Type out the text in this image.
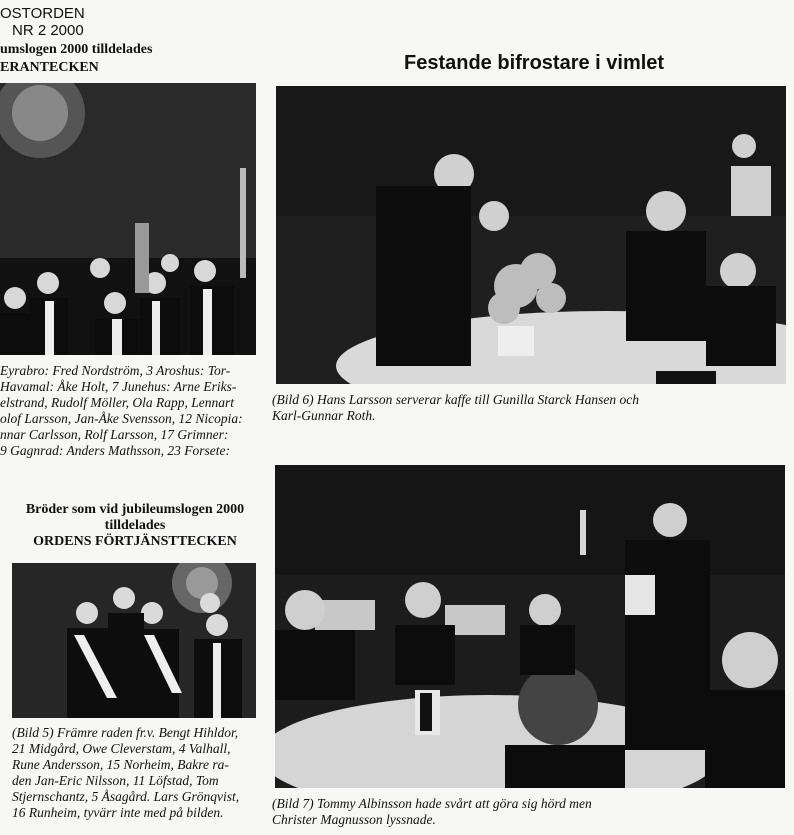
OSTORDEN
NR 2 2000
umslogen 2000 tilldelades
ERANTECKEN	Festande bifrostare i vimlet
Eyrabro: Fred Nordström, 3 Aroshus: Tor-
Havamal: Åke Holt, 7 Junehus: Arne Eriks-
elstrand, Rudolf Möller, Ola Rapp, Lennart
olof Larsson, Jan-Åke Svensson, 12 Nicopia:
nnar Carlsson, Rolf Larsson, 17 Grimner:
9 Gagnrad: Anders Mathsson, 23 Forsete:
Bröder som vid jubileumslogen 2000
tilldelades
ORDENS FÖRTJÄNSTTECKEN
(Bild 5) Främre raden fr.v. Bengt Hihldor,
21 Midgård, Owe Cleverstam, 4 Valhall,
Rune Andersson, 15 Norheim, Bakre ra-
den Jan-Eric Nilsson, 11 Löfstad, Tom
Stjernschantz, 5 Åsagård. Lars Grönqvist,
16 Runheim, tyvärr inte med på bilden.
(Bild 6) Hans Larsson serverar kaffe till Gunilla Starck Hansen och
Karl-Gunnar Roth.
(Bild 7) Tommy Albinsson hade svårt att göra sig hörd men
Christer Magnusson lyssnade.
